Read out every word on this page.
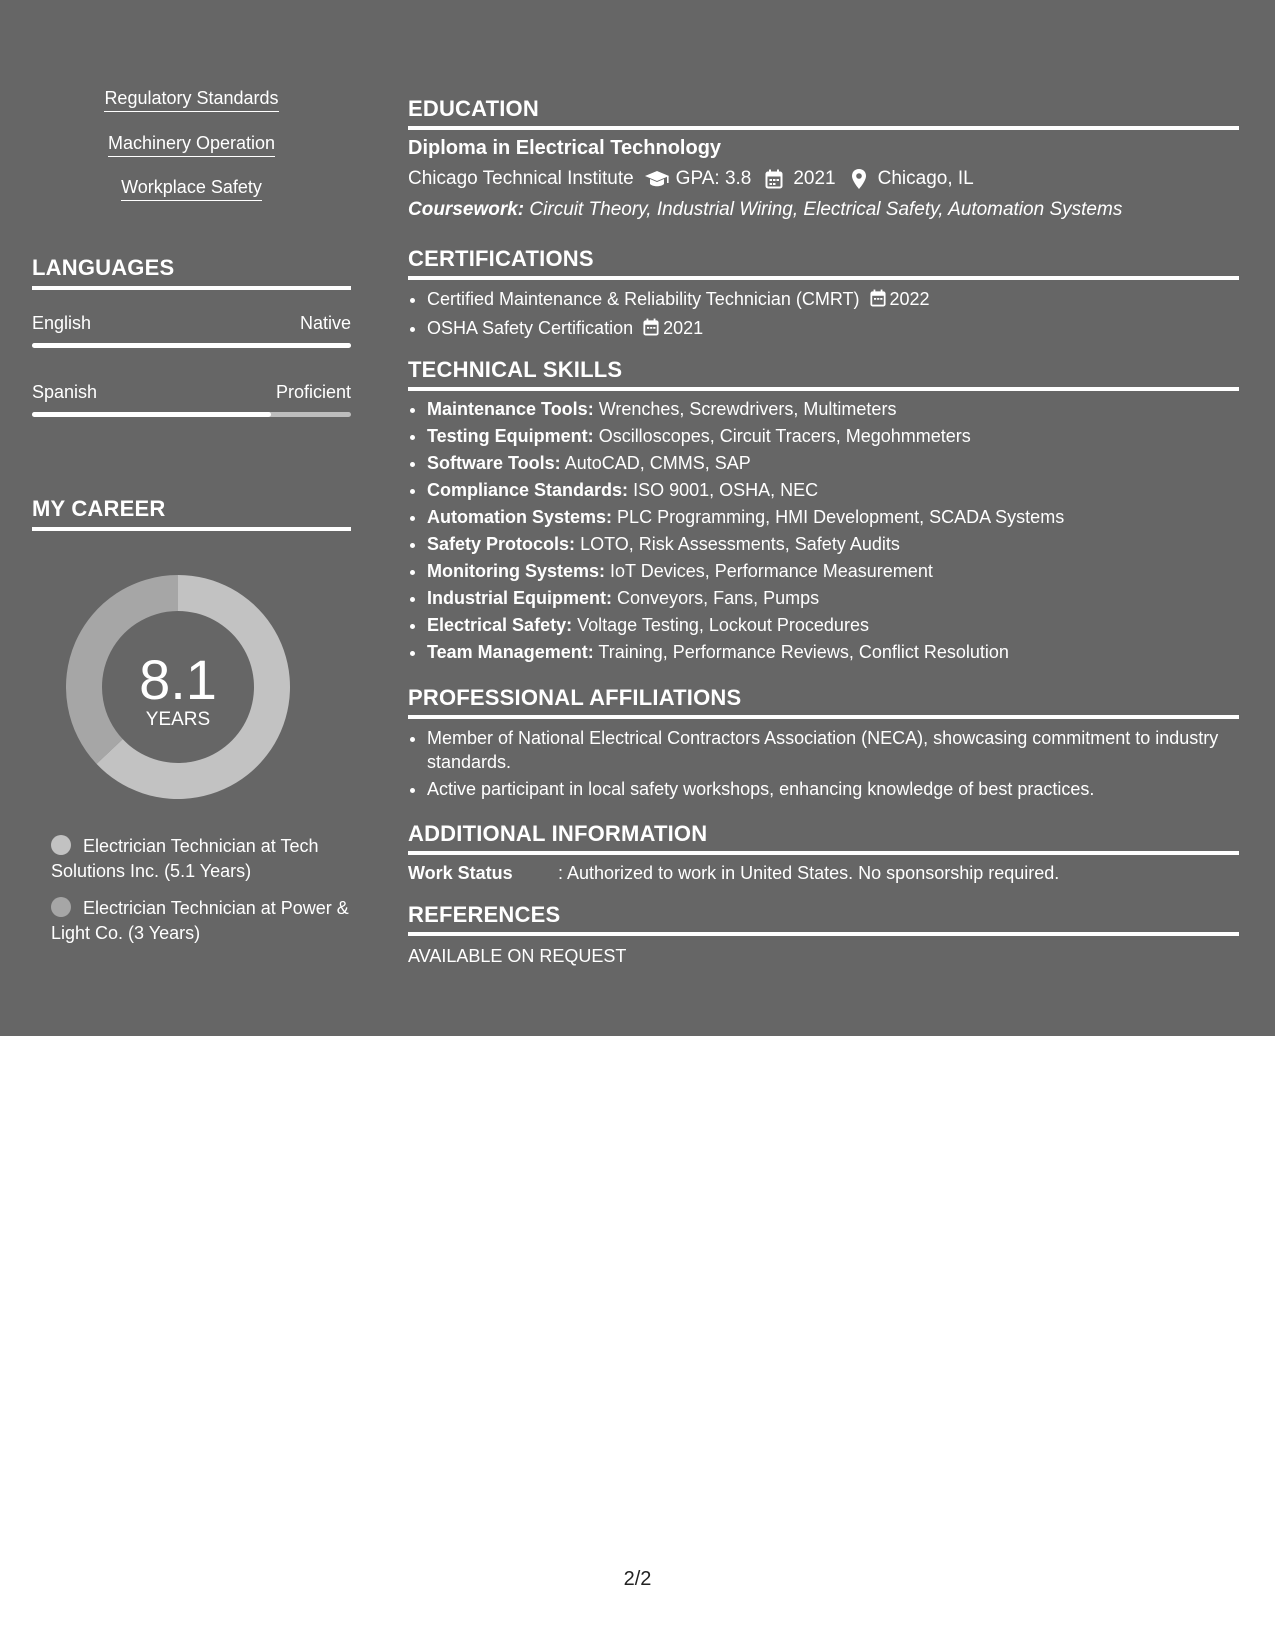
Regulatory Standards
Machinery Operation
Workplace Safety
LANGUAGES
English	Native
Spanish	Proficient
MY CAREER
8.1
YEARS
Electrician Technician at Tech Solutions Inc. (5.1 Years)
Electrician Technician at Power & Light Co. (3 Years)
EDUCATION
Diploma in Electrical Technology
Chicago Technical Institute GPA: 3.8 2021 Chicago, IL
Coursework: Circuit Theory, Industrial Wiring, Electrical Safety, Automation Systems
CERTIFICATIONS
• Certified Maintenance & Reliability Technician (CMRT) 2022
• OSHA Safety Certification 2021
TECHNICAL SKILLS
• Maintenance Tools: Wrenches, Screwdrivers, Multimeters
• Testing Equipment: Oscilloscopes, Circuit Tracers, Megohmmeters
• Software Tools: AutoCAD, CMMS, SAP
• Compliance Standards: ISO 9001, OSHA, NEC
• Automation Systems: PLC Programming, HMI Development, SCADA Systems
• Safety Protocols: LOTO, Risk Assessments, Safety Audits
• Monitoring Systems: IoT Devices, Performance Measurement
• Industrial Equipment: Conveyors, Fans, Pumps
• Electrical Safety: Voltage Testing, Lockout Procedures
• Team Management: Training, Performance Reviews, Conflict Resolution
PROFESSIONAL AFFILIATIONS
• Member of National Electrical Contractors Association (NECA), showcasing commitment to industry standards.
• Active participant in local safety workshops, enhancing knowledge of best practices.
ADDITIONAL INFORMATION
Work Status	: Authorized to work in United States. No sponsorship required.
REFERENCES
AVAILABLE ON REQUEST
2/2
